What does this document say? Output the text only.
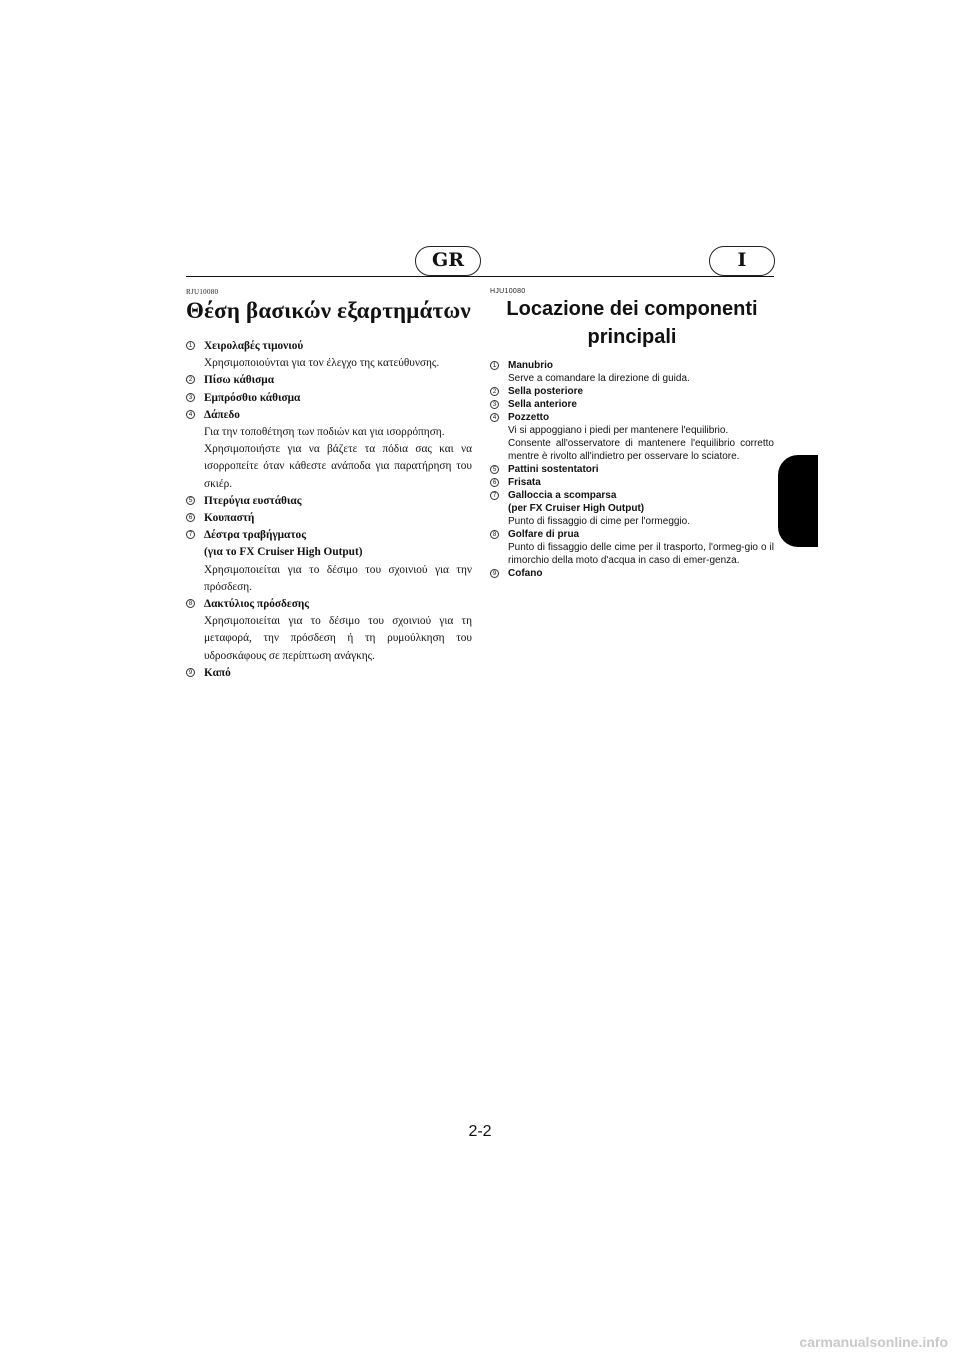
GR	I
RJU10080
Θέση βασικών εξαρτημάτων
1 Χειρολαβές τιμονιού
Χρησιμοποιούνται για τον έλεγχο της κατεύθυνσης.
2 Πίσω κάθισμα
3 Εμπρόσθιο κάθισμα
4 Δάπεδο
Για την τοποθέτηση των ποδιών και για ισορρόπηση.
Χρησιμοποιήστε για να βάζετε τα πόδια σας και να ισορροπείτε όταν κάθεστε ανάποδα για παρατήρηση του σκιέρ.
5 Πτερύγια ευστάθιας
6 Κουπαστή
7 Δέστρα τραβήγματος
(για το FX Cruiser High Output)
Χρησιμοποιείται για το δέσιμο του σχοινιού για την πρόσδεση.
8 Δακτύλιος πρόσδεσης
Χρησιμοποιείται για το δέσιμο του σχοινιού για τη μεταφορά, την πρόσδεση ή τη ρυμούλκηση του υδροσκάφους σε περίπτωση ανάγκης.
9 Καπό
HJU10080
Locazione dei componenti
principali
1 Manubrio
Serve a comandare la direzione di guida.
2 Sella posteriore
3 Sella anteriore
4 Pozzetto
Vi si appoggiano i piedi per mantenere l'equilibrio.
Consente all'osservatore di mantenere l'equilibrio corretto mentre è rivolto all'indietro per osservare lo sciatore.
5 Pattini sostentatori
6 Frisata
7 Galloccia a scomparsa
(per FX Cruiser High Output)
Punto di fissaggio di cime per l'ormeggio.
8 Golfare di prua
Punto di fissaggio delle cime per il trasporto, l'ormeg-gio o il rimorchio della moto d'acqua in caso di emer-genza.
9 Cofano
2-2
carmanualsonline.info
